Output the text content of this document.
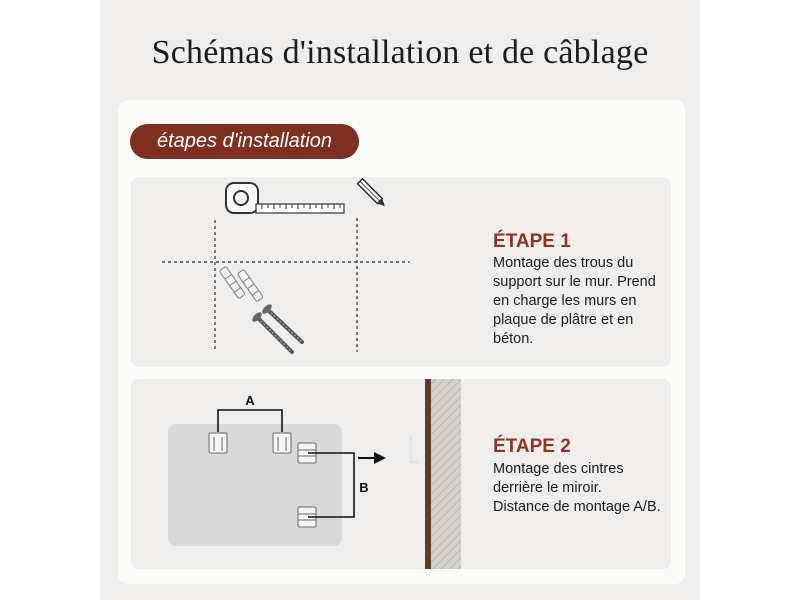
Schémas d'installation et de câblage
étapes d'installation
A
B
ÉTAPE 1
Montage des trous du
support sur le mur. Prend
en charge les murs en
plaque de plâtre et en
béton.
ÉTAPE 2
Montage des cintres
derrière le miroir.
Distance de montage A/B.
